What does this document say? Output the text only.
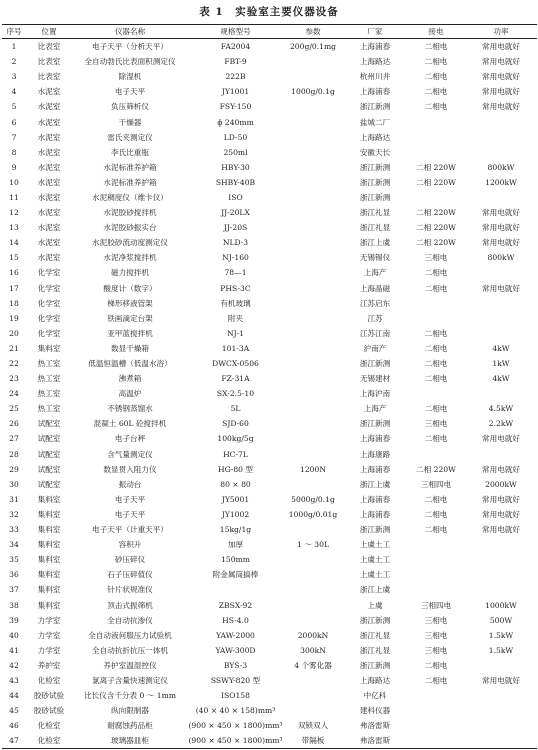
表 1　实验室主要仪器设备
序号	位置	仪器名称	规格型号	参数	厂家	接电	功率
1	比表室	电子天平（分析天平）	FA2004	200g/0.1mg	上海浦春	二相电	常用电就好
2	比表室	全自动勃氏比表面积测定仪	FBT-9		上海路达	二相电	常用电就好
3	比表室	除湿机	222B		杭州川井	二相电	常用电就好
4	水泥室	电子天平	JY1001	1000g/0.1g	上海浦春	二相电	常用电就好
5	水泥室	负压筛析仪	FSY-150		浙江新测	二相电	常用电就好
6	水泥室	干燥器	ɸ 240mm		盐城二厂		
7	水泥室	雷氏夹测定仪	LD-50		上海路达		
8	水泥室	李氏比重瓶	250ml		安徽天长		
9	水泥室	水泥标准养护箱	HBY-30		浙江新测	二相 220W	800kW
10	水泥室	水泥标准养护箱	SHBY-40B		浙江新测	二相 220W	1200kW
11	水泥室	水泥稠度仪（维卡仪）	ISO		浙江新测		
12	水泥室	水泥胶砂搅拌机	JJ-20LX		浙江礼显	二相 220W	常用电就好
13	水泥室	水泥胶砂振实台	JJ-20S		浙江礼显	二相 220W	常用电就好
14	水泥室	水泥胶砂流动度测定仪	NLD-3		浙江上虞	二相 220W	常用电就好
15	水泥室	水泥净浆搅拌机	NJ-160		无锡锡仪	三相电	800kW
16	化学室	磁力搅拌机	78—1		上海产	二相电	
17	化学室	酸度计（数字）	PHS-3C		上海晶磁	二相电	常用电就好
18	化学室	梯形移液管架	有机玻璃		江苏启东		
19	化学室	铁画滴定台架	附夹		江苏		
20	化学室	亚甲蓝搅拌机	NJ-1		江苏江南	二相电	
21	集料室	数显干燥箱	101-3A		沪南产	二相电	4kW
22	热工室	低温恒温槽（低温水浴）	DWCX-0506		浙江新测	二相电	1kW
23	热工室	沸煮箱	FZ-31A		无锡建材	二相电	4kW
24	热工室	高温炉	SX-2.5-10		上海沪南		
25	热工室	不锈钢蒸馏水	5L		上海产	二相电	4.5kW
26	试配室	混凝土 60L 砼搅拌机	SJD-60		浙江新测	三相电	2.2kW
27	试配室	电子台秤	100kg/5g		上海浦春	二相电	常用电就好
28	试配室	含气量测定仪	HC-7L		上海康路		
29	试配室	数显贯入阻力仪	HG-80 型	1200N	上海浦春	二相 220W	常用电就好
30	试配室	振动台	80 × 80		浙江上虞	三相四电	2000kW
31	集料室	电子天平	JY5001	5000g/0.1g	上海浦春	二相电	常用电就好
32	集料室	电子天平	JY1002	1000g/0.01g	上海浦春	二相电	常用电就好
33	集料室	电子天平（计重天平）	15kg/1g		浙江新测	二相电	常用电就好
34	集料室	容积升	加厚	1 ～ 30L	上虞土工		
35	集料室	砂压碎仪	150mm		上虞土工		
36	集料室	石子压碎值仪	附金属筒搞棒		上虞土工		
37	集料室	针片状规准仪			浙江上虞		
38	集料室	顶击式振筛机	ZBSX-92		上虞	三相四电	1000kW
39	力学室	全自动抗渗仪	HS-4.0		浙江新测	三相电	500W
40	力学室	全自动液何服压力试验机	YAW-2000	2000kN	浙江礼显	三相电	1.5kW
41	力学室	全自动抗折抗压一体机	YAW-300D	300kN	浙江礼显	三相电	1.5kW
42	养护室	养护室温湿控仪	BYS-3	4 个雾化器	浙江新测	二相电	
43	化检室	氯离子含量快速测定仪	SSWY-820 型		上海路达	二相电	常用电就好
44	胶砂试验	比长仪含千分表 0 ～ 1mm	ISO158		中亿科		
45	胶砂试验	纵向限制器	(40 × 40 × 158)mm³		建科仪器		
46	化检室	耐腐蚀药品柜	(900 × 450 × 1800)mm³	双锁双人	弗洛雷斯		
47	化检室	玻璃器皿柜	(900 × 450 × 1800)mm³	带隔板	弗洛雷斯		
